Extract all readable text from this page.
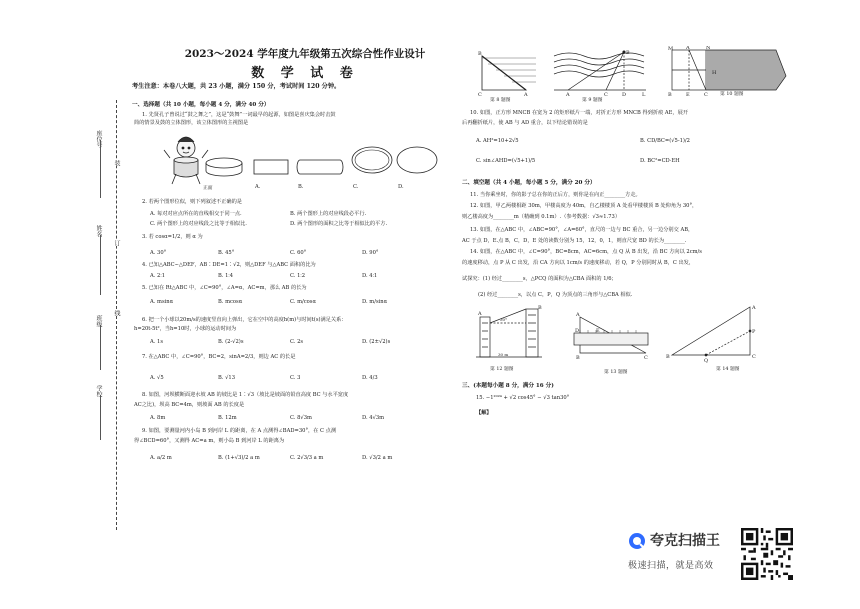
2023～2024 学年度九年级第五次综合性作业设计
数 学 试 卷
考生注意：本卷八大题，共 23 小题，满分 150 分，考试时间 120 分钟。
座位号
姓名
班级
学校
装
订
线
一、选择题（共 10 小题，每小题 4 分，满分 40 分）
1. 先贤孔子曾说过“鼓之舞之”，这是“鼓舞”一词最早的起源，如图是喜庆集会时击鼓
简的情景及鼓的立体图形，该立体图形的主视图是
正面	A.	B.	C.	D.
2. 若两个图形位似，则下列叙述不正确的是
A. 每对对应点所在的直线相交于同一点.	B. 两个图形上的对应线段必平行.
C. 两个图形上的对应线段之比等于相似比.	D. 两个图形的面积之比等于相似比的平方.
3. 若 cosα=1/2，则 α 为
A. 30°	B. 45°	C. 60°	D. 90°
4. 已知△ABC∽△DEF，AB∶DE=1∶√2，则△DEF 与△ABC 面积的比为
A. 2∶1	B. 1∶4	C. 1∶2	D. 4∶1
5. 已知在 Rt△ABC 中，∠C=90°，∠A=α，AC=m，那么 AB 的长为
A. msinα	B. mcosα	C. m/cosα	D. m/sinα
6. 把一个小球以20m/s的速度竖直向上弹出，它在空中的高度h(m)与时间t(s)满足关系：
h=20t-5t²，当h=10时，小球的运动时间为
A. 1s	B. (2-√2)s	C. 2s	D. (2±√2)s
7. 在△ABC 中，∠C=90°，BC=2，sinA=2/3，则边 AC 的长是
A. √5	B. √13	C. 3	D. 4/3
8. 如图，河坝横断面迎水坡 AB 的坡比是 1∶√3（坡比是坡面的铅直高度 BC 与水平宽度
AC之比)，坝高 BC=4m，则坡面 AB 的长度是
A. 8m	B. 12m	C. 8√3m	D. 4√3m
9. 如图，要测量河内小岛 B 到河岸 L 的距离，在 A 点测得∠BAD=30°，在 C 点测
得∠BCD=60°，又测得 AC=a m，则小岛 B 到河岸 L 的距离为
A. a/2 m	B. (1+√3)/2 a m	C. 2√3/3 a m	D. √3/2 a m
B
C	A
B
A	C	D	L
M	A	N
B	E	C
H
第 8 题图	第 9 题图
第 10 题图
10. 如图，正方形 MNCB 在宽为 2 的矩形纸片一端，对折正方形 MNCB 得到折痕 AE，展开
后再翻折纸片，使 AB 与 AD 重合，以下结论错误的是
A. AH²=10+2√5	B. CD/BC=(√5-1)/2
C. sin∠AHD=(√5+1)/5	D. BC²=CD·EH
二、填空题（共 4 小题，每小题 5 分，满分 20 分）
11. 当你乘坐时，你的影子总在你的正后方，则你是在向正________方走。
12. 如图，甲乙两楼相距 30m，甲楼高度为 40m，自乙楼楼顶 A 处看甲楼楼顶 B 处仰角为 30°，
则乙楼高度为________m（精确到 0.1m）.（参考数据：√3≈1.73）
13. 如图，在△ABC 中，∠ABC=90°，∠A=60°，直尺的一边与 BC 重合，另一边分别交 AB，
AC 于点 D，E.点 B，C，D，E 处的读数分别为 15，12，0，1，则直尺宽 BD 的长为________.
14. 如图，在△ABC 中，∠C=90°，BC=8cm，AC=6cm，点 Q 从 B 出发，沿 BC 方向以 2cm/s
的速度移动，点 P 从 C 出发，沿 CA 方向以 1cm/s 的速度移动，若 Q，P 分别同时从 B，C 出发，
试探究：(1) 经过________s，△PCQ 的面积为△CBA 面积的 1/6；
(2) 经过________s，以点 C，P，Q 为顶点的三角形与△CBA 相似.
A
B
30°
30 m
A
B	C
D	E
B
Q
C
P
A
第 12 题图
第 13 题图
第 14 题图
三、(本题每小题 8 分，满分 16 分)
15. −1²⁰²⁴ + √2 cos45° − √3 tan30°
【解】
夸克扫描王
极速扫描，就是高效
